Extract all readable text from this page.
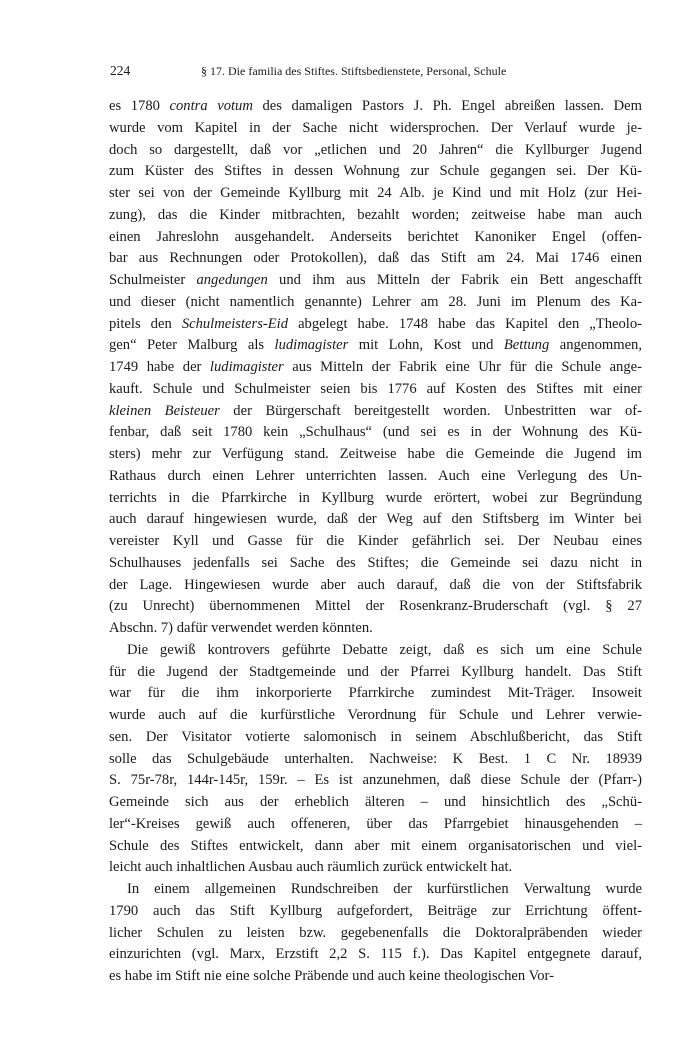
224	§ 17. Die familia des Stiftes. Stiftsbedienstete, Personal, Schule
es 1780 contra votum des damaligen Pastors J. Ph. Engel abreißen lassen. Dem
wurde vom Kapitel in der Sache nicht widersprochen. Der Verlauf wurde je-
doch so dargestellt, daß vor „etlichen und 20 Jahren“ die Kyllburger Jugend
zum Küster des Stiftes in dessen Wohnung zur Schule gegangen sei. Der Kü-
ster sei von der Gemeinde Kyllburg mit 24 Alb. je Kind und mit Holz (zur Hei-
zung), das die Kinder mitbrachten, bezahlt worden; zeitweise habe man auch
einen Jahreslohn ausgehandelt. Anderseits berichtet Kanoniker Engel (offen-
bar aus Rechnungen oder Protokollen), daß das Stift am 24. Mai 1746 einen
Schulmeister angedungen und ihm aus Mitteln der Fabrik ein Bett angeschafft
und dieser (nicht namentlich genannte) Lehrer am 28. Juni im Plenum des Ka-
pitels den Schulmeisters-Eid abgelegt habe. 1748 habe das Kapitel den „Theolo-
gen“ Peter Malburg als ludimagister mit Lohn, Kost und Bettung angenommen,
1749 habe der ludimagister aus Mitteln der Fabrik eine Uhr für die Schule ange-
kauft. Schule und Schulmeister seien bis 1776 auf Kosten des Stiftes mit einer
kleinen Beisteuer der Bürgerschaft bereitgestellt worden. Unbestritten war of-
fenbar, daß seit 1780 kein „Schulhaus“ (und sei es in der Wohnung des Kü-
sters) mehr zur Verfügung stand. Zeitweise habe die Gemeinde die Jugend im
Rathaus durch einen Lehrer unterrichten lassen. Auch eine Verlegung des Un-
terrichts in die Pfarrkirche in Kyllburg wurde erörtert, wobei zur Begründung
auch darauf hingewiesen wurde, daß der Weg auf den Stiftsberg im Winter bei
vereister Kyll und Gasse für die Kinder gefährlich sei. Der Neubau eines
Schulhauses jedenfalls sei Sache des Stiftes; die Gemeinde sei dazu nicht in
der Lage. Hingewiesen wurde aber auch darauf, daß die von der Stiftsfabrik
(zu Unrecht) übernommenen Mittel der Rosenkranz-Bruderschaft (vgl. § 27
Abschn. 7) dafür verwendet werden könnten.
Die gewiß kontrovers geführte Debatte zeigt, daß es sich um eine Schule
für die Jugend der Stadtgemeinde und der Pfarrei Kyllburg handelt. Das Stift
war für die ihm inkorporierte Pfarrkirche zumindest Mit-Träger. Insoweit
wurde auch auf die kurfürstliche Verordnung für Schule und Lehrer verwie-
sen. Der Visitator votierte salomonisch in seinem Abschlußbericht, das Stift
solle das Schulgebäude unterhalten. Nachweise: K Best. 1 C Nr. 18939
S. 75r-78r, 144r-145r, 159r. – Es ist anzunehmen, daß diese Schule der (Pfarr-)
Gemeinde sich aus der erheblich älteren – und hinsichtlich des „Schü-
ler“-Kreises gewiß auch offeneren, über das Pfarrgebiet hinausgehenden –
Schule des Stiftes entwickelt, dann aber mit einem organisatorischen und viel-
leicht auch inhaltlichen Ausbau auch räumlich zurück entwickelt hat.
In einem allgemeinen Rundschreiben der kurfürstlichen Verwaltung wurde
1790 auch das Stift Kyllburg aufgefordert, Beiträge zur Errichtung öffent-
licher Schulen zu leisten bzw. gegebenenfalls die Doktoralpräbenden wieder
einzurichten (vgl. Marx, Erzstift 2,2 S. 115 f.). Das Kapitel entgegnete darauf,
es habe im Stift nie eine solche Präbende und auch keine theologischen Vor-
